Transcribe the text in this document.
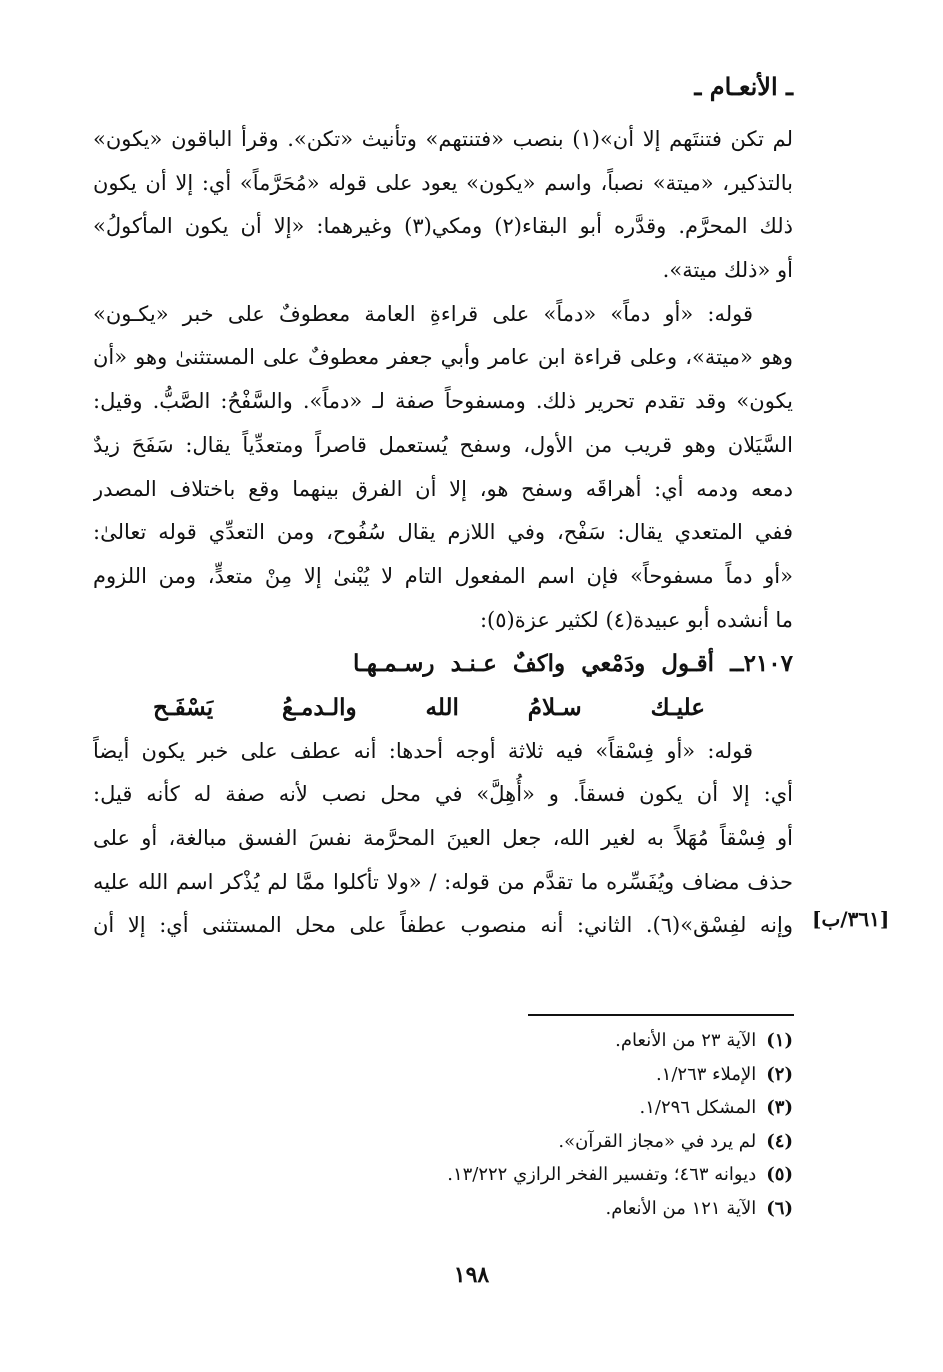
ـ الأنعـام ـ
لم تكن فتنتَهم إلا أن»(١) بنصب «فتنتهم» وتأنيث «تكن». وقرأ الباقون «يكون»
بالتذكير، «ميتة» نصباً، واسم «يكون» يعود على قوله «مُحَرَّماً» أي: إلا أن يكون
ذلك المحرَّم. وقدَّره أبو البقاء(٢) ومكي(٣) وغيرهما: «إلا أن يكون المأكولُ»
أو «ذلك ميتة».
قوله: «أو دماً» «دماً» على قراءةِ العامة معطوفٌ على خبر «يكـون»
وهو «ميتة»، وعلى قراءة ابن عامر وأبي جعفر معطوفٌ على المستثنىٰ وهو «أن
يكون» وقد تقدم تحرير ذلك. ومسفوحاً صفة لـ «دماً». والسَّفْحُ: الصَّبُّ. وقيل:
السَّيَلان وهو قريب من الأول، وسفح يُستعمل قاصراً ومتعدِّياً يقال: سَفَحَ زيدٌ
دمعه ودمه أي: أهراقَه وسفح هو، إلا أن الفرق بينهما وقع باختلاف المصدر
ففي المتعدي يقال: سَفْح، وفي اللازم يقال سُفُوح، ومن التعدِّي قوله تعالىٰ:
«أو دماً مسفوحاً» فإن اسم المفعول التام لا يُبْنىٰ إلا مِنْ متعدٍّ، ومن اللزوم
ما أنشده أبو عبيدة(٤) لكثير عزة(٥):
٢١٠٧ــ أقـول ودَمْعي واكفٌ عـنـد رسـمـهـا
عليـك سـلامُ الله والـدمـعُ يَسْفَـح
قوله: «أو فِسْقاً» فيه ثلاثة أوجه أحدها: أنه عطف على خبر يكون أيضاً
أي: إلا أن يكون فسقاً. و «أُهِلَّ» في محل نصب لأنه صفة له كأنه قيل:
أو فِسْقاً مُهَلاً به لغير الله، جعل العينَ المحرَّمة نفسَ الفسق مبالغة، أو على
حذف مضاف ويُفَسِّره ما تقدَّم من قوله: / «ولا تأكلوا ممَّا لم يُذْكر اسم الله عليه
وإنه لفِسْق»(٦). الثاني: أنه منصوب عطفاً على محل المستثنى أي: إلا أن [٣٦١/ب]
(١)الآية ٢٣ من الأنعام.
(٢)الإملاء ١/٢٦٣.
(٣)المشكل ١/٢٩٦.
(٤)لم يرد في «مجاز القرآن».
(٥)ديوانه ٤٦٣؛ وتفسير الفخر الرازي ١٣/٢٢٢.
(٦)الآية ١٢١ من الأنعام.
١٩٨
